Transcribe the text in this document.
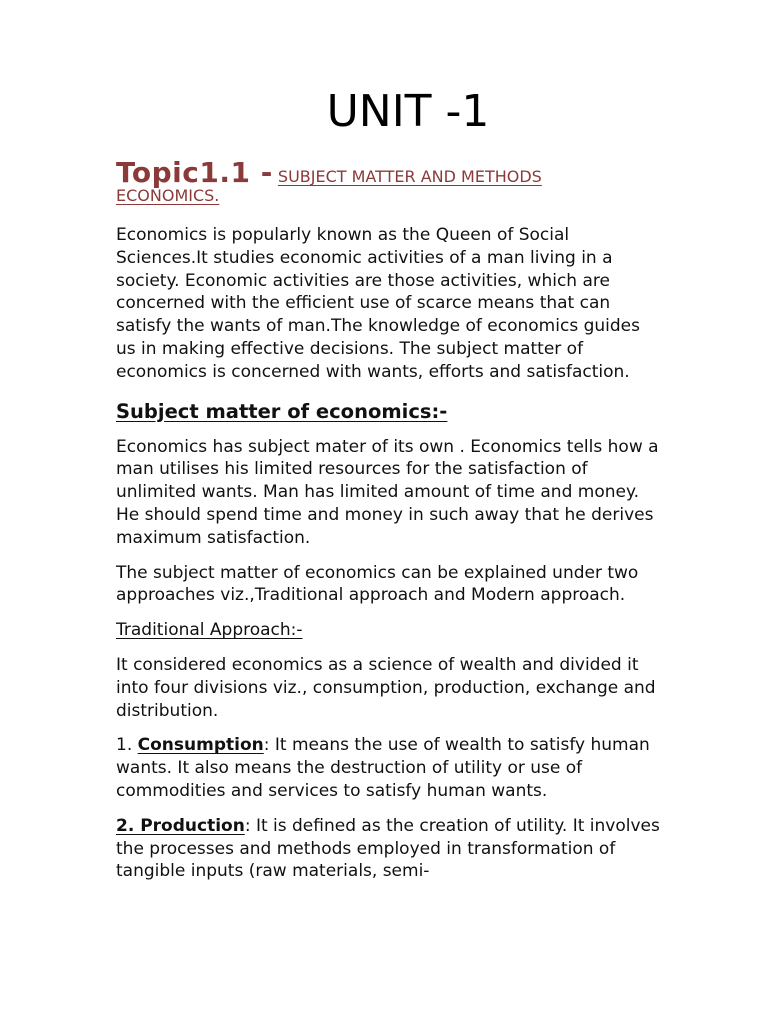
UNIT -1
Topic1.1 - SUBJECT MATTER AND METHODS
ECONOMICS.

Economics is popularly known as the Queen of Social Sciences.It studies economic activities of a man living in a society. Economic activities are those activities, which are concerned with the efficient use of scarce means that can satisfy the wants of man.The knowledge of economics guides us in making effective decisions. The subject matter of economics is concerned with wants, efforts and satisfaction.

Subject matter of economics:-

Economics has subject mater of its own . Economics tells how a man utilises his limited resources for the satisfaction of unlimited wants. Man has limited amount of time and money. He should spend time and money in such away that he derives maximum satisfaction.

The subject matter of economics can be explained under two approaches viz.,Traditional approach and Modern approach.

Traditional Approach:-

It considered economics as a science of wealth and divided it into four divisions viz., consumption, production, exchange and distribution.

1. Consumption: It means the use of wealth to satisfy human wants. It also means the destruction of utility or use of commodities and services to satisfy human wants.

2. Production: It is defined as the creation of utility. It involves the processes and methods employed in transformation of tangible inputs (raw materials, semi-
